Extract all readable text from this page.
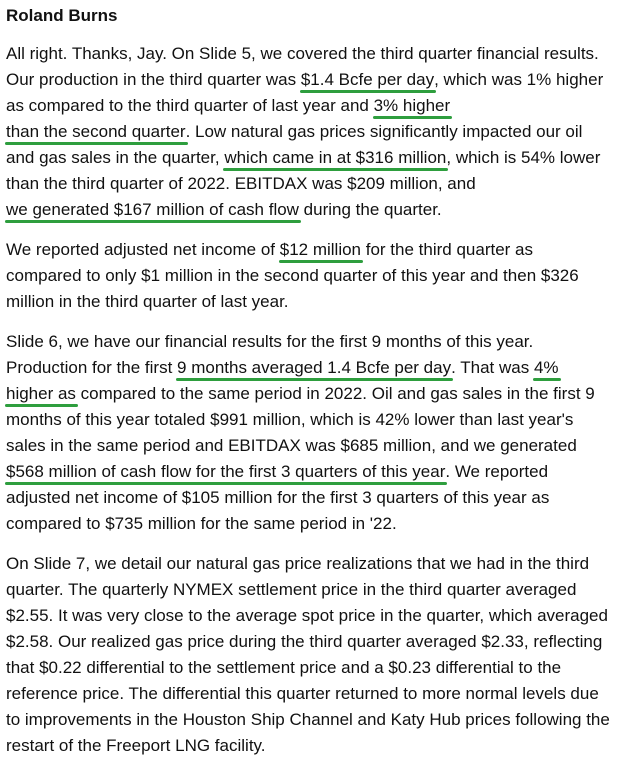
Roland Burns

All right. Thanks, Jay. On Slide 5, we covered the third quarter financial results. Our production in the third quarter was $1.4 Bcfe per day, which was 1% higher as compared to the third quarter of last year and 3% higher than the second quarter. Low natural gas prices significantly impacted our oil and gas sales in the quarter, which came in at $316 million, which is 54% lower than the third quarter of 2022. EBITDAX was $209 million, and we generated $167 million of cash flow during the quarter.

We reported adjusted net income of $12 million for the third quarter as compared to only $1 million in the second quarter of this year and then $326 million in the third quarter of last year.

Slide 6, we have our financial results for the first 9 months of this year. Production for the first 9 months averaged 1.4 Bcfe per day. That was 4% higher as compared to the same period in 2022. Oil and gas sales in the first 9 months of this year totaled $991 million, which is 42% lower than last year's sales in the same period and EBITDAX was $685 million, and we generated $568 million of cash flow for the first 3 quarters of this year. We reported adjusted net income of $105 million for the first 3 quarters of this year as compared to $735 million for the same period in '22.

On Slide 7, we detail our natural gas price realizations that we had in the third quarter. The quarterly NYMEX settlement price in the third quarter averaged $2.55. It was very close to the average spot price in the quarter, which averaged $2.58. Our realized gas price during the third quarter averaged $2.33, reflecting that $0.22 differential to the settlement price and a $0.23 differential to the reference price. The differential this quarter returned to more normal levels due to improvements in the Houston Ship Channel and Katy Hub prices following the restart of the Freeport LNG facility.
